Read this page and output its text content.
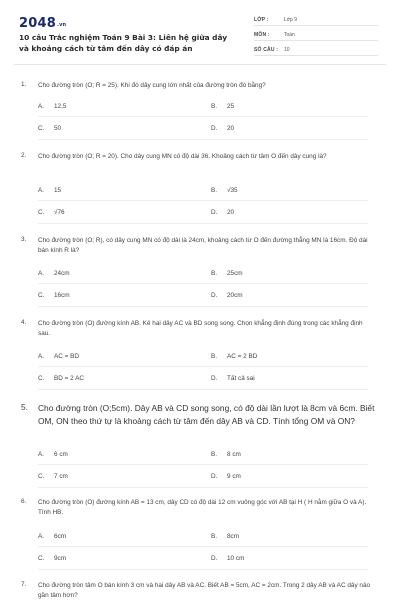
2048.vn
10 câu Trắc nghiệm Toán 9 Bài 3: Liên hệ giữa dây và khoảng cách từ tâm đến dây có đáp án
LỚP :	Lớp 9
MÔN :	Toán
SỐ CÂU : 10
1. Cho đường tròn (O; R = 25). Khi đó dây cung lớn nhất của đường tròn đó bằng?
A. 12,5	B. 25
C. 50	D. 20
2. Cho đường tròn (O; R = 20). Cho dây cung MN có độ dài 36. Khoảng cách từ tâm O đến dây cung là?
A. 15	B. √35
C. √76	D. 20
3. Cho đường tròn (O; R), có dây cung MN có độ dài là 24cm, khoảng cách từ O đến đường thẳng MN là 16cm. Độ dài bán kính R là?
A. 24cm	B. 25cm
C. 16cm	D. 20cm
4. Cho đường tròn (O) đường kính AB. Kẻ hai dây AC và BD song song. Chọn khẳng định đúng trong các khẳng định sau.
A. AC = BD	B. AC = 2 BD
C. BD = 2 AC	D. Tất cả sai
5. Cho đường tròn (O;5cm). Dây AB và CD song song, có độ dài lần lượt là 8cm và 6cm. Biết OM, ON theo thứ tự là khoảng cách từ tâm đến dây AB và CD. Tính tổng OM và ON?
A. 6 cm	B. 8 cm
C. 7 cm	D. 9 cm
6. Cho đường tròn (O) đường kính AB = 13 cm, dây CD có độ dài 12 cm vuông góc với AB tại H ( H nằm giữa O và A). Tính HB.
A. 6cm	B. 8cm
C. 9cm	D. 10 cm
7. Cho đường tròn tâm O bán kính 3 cm và hai dây AB và AC. Biết AB = 5cm, AC = 2cm. Trong 2 dây AB và AC dây nào gần tâm hơn?
